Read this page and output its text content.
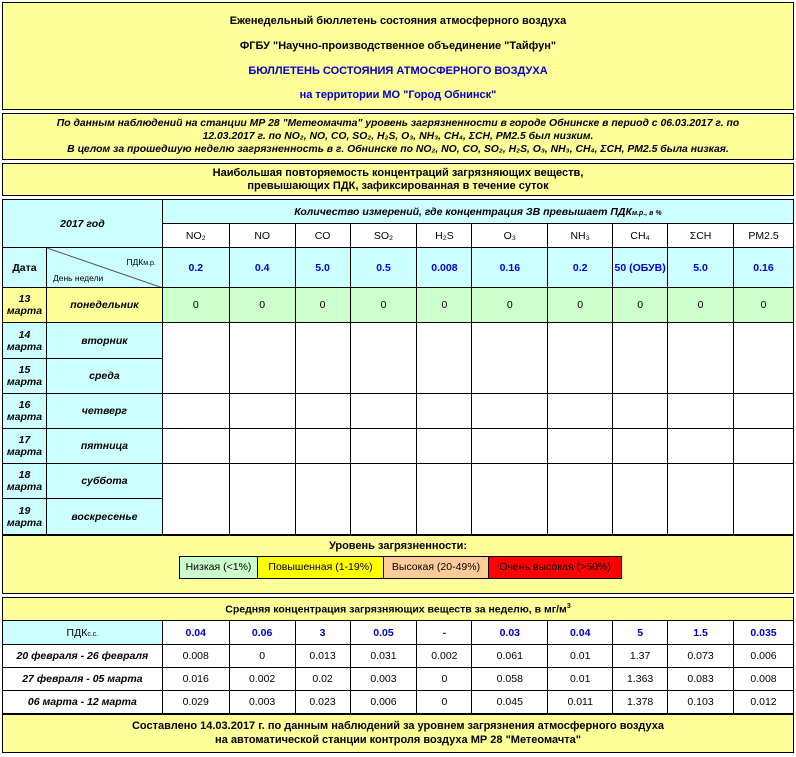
Еженедельный бюллетень состояния атмосферного воздуха
ФГБУ "Научно-производственное объединение "Тайфун"
БЮЛЛЕТЕНЬ СОСТОЯНИЯ АТМОСФЕРНОГО ВОЗДУХА
на территории МО "Город Обнинск"
По данным наблюдений на станции МР 28 "Метеомачта" уровень загрязненности в городе Обнинске в период с 06.03.2017 г. по
12.03.2017 г. по NO₂, NO, CO, SO₂, H₂S, O₃, NH₃, CH₄, ΣCH, PM2.5 был низким.
В целом за прошедшую неделю загрязненность в г. Обнинске по NO₂, NO, CO, SO₂, H₂S, O₃, NH₃, CH₄, ΣCH, PM2.5 была низкая.
Наибольшая повторяемость концентраций загрязняющих веществ,
превышающих ПДК, зафиксированная в течение суток
2017 год		Количество измерений, где концентрация ЗВ превышает ПДКм.р., в %									
		NO₂	NO	CO	SO₂	H₂S	O₃	NH₃	CH₄	ΣCH	PM2.5
Дата	ПДКм.р.
День недели	0.2	0.4	5.0	0.5	0.008	0.16	0.2	50 (ОБУВ)	5.0	0.16
13 марта	понедельник	0	0	0	0	0	0	0	0	0	0
14 марта	вторник										
15 марта	среда										
16 марта	четверг										
17 марта	пятница										
18 марта	суббота										
19 марта	воскресенье										
Уровень загрязненности:
Низкая (<1%)	Повышенная (1-19%)	Высокая (20-49%)	Очень высокая (>50%)
Средняя концентрация загрязняющих веществ за неделю, в $мг/м^3$
ПДКс.с.	0.04	0.06	3	0.05	-	0.03	0.04	5	1.5	0.035
20 февраля - 26 февраля	0.008	0	0.013	0.031	0.002	0.061	0.01	1.37	0.073	0.006
27 февраля - 05 марта	0.016	0.002	0.02	0.003	0	0.058	0.01	1.363	0.083	0.008
06 марта - 12 марта	0.029	0.003	0.023	0.006	0	0.045	0.011	1.378	0.103	0.012
Составлено 14.03.2017 г. по данным наблюдений за уровнем загрязнения атмосферного воздуха
на автоматической станции контроля воздуха МР 28 "Метеомачта"
